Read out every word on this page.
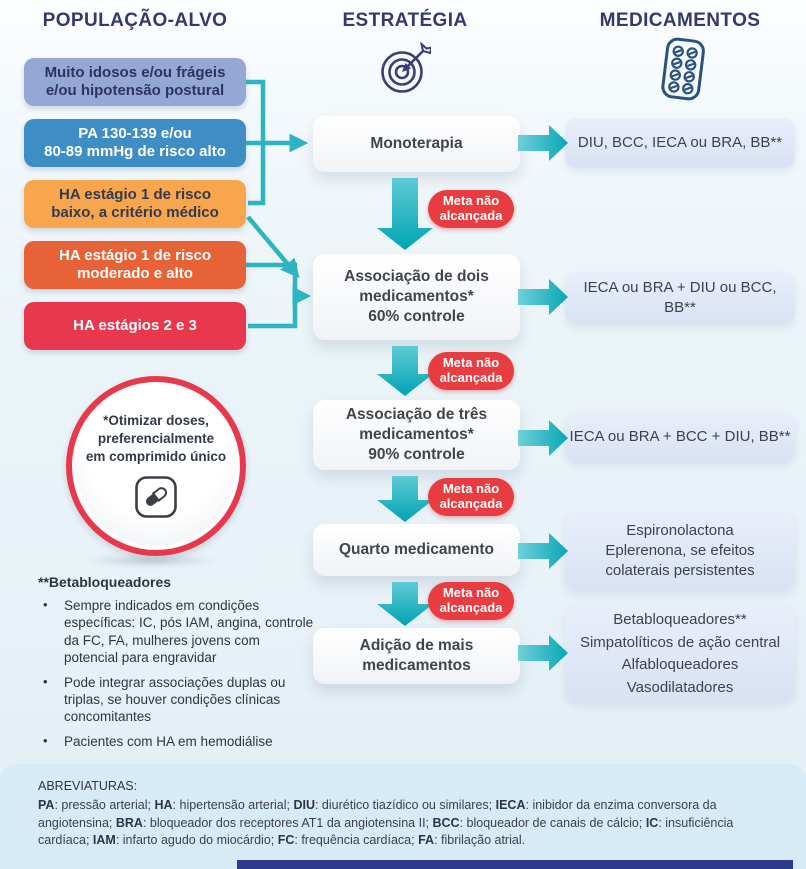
POPULAÇÃO-ALVO	ESTRATÉGIA	MEDICAMENTOS
Muito idosos e/ou frágeis
e/ou hipotensão postural
PA 130-139 e/ou
80-89 mmHg de risco alto
HA estágio 1 de risco
baixo, a critério médico
HA estágio 1 de risco
moderado e alto
HA estágios 2 e 3
Monoterapia
Associação de dois
medicamentos*
60% controle
Associação de três
medicamentos*
90% controle
Quarto medicamento
Adição de mais
medicamentos
DIU, BCC, IECA ou BRA, BB**
IECA ou BRA + DIU ou BCC,
BB**
IECA ou BRA + BCC + DIU, BB**
Espironolactona
Eplerenona, se efeitos
colaterais persistentes
Betabloqueadores**
Simpatolíticos de ação central
Alfabloqueadores
Vasodilatadores
Meta não
alcançada
Meta não
alcançada
Meta não
alcançada
Meta não
alcançada
*Otimizar doses,
preferencialmente
em comprimido único
**Betabloqueadores
•	Sempre indicados em condições específicas: IC, pós IAM, angina, controle da FC, FA, mulheres jovens com potencial para engravidar
•	Pode integrar associações duplas ou triplas, se houver condições clínicas concomitantes
•	Pacientes com HA em hemodiálise
ABREVIATURAS:
PA: pressão arterial; HA: hipertensão arterial; DIU: diurético tiazídico ou similares; IECA: inibidor da enzima conversora da angiotensina; BRA: bloqueador dos receptores AT1 da angiotensina II; BCC: bloqueador de canais de cálcio; IC: insuficiência cardíaca; IAM: infarto agudo do miocárdio; FC: frequência cardíaca; FA: fibrilação atrial.
